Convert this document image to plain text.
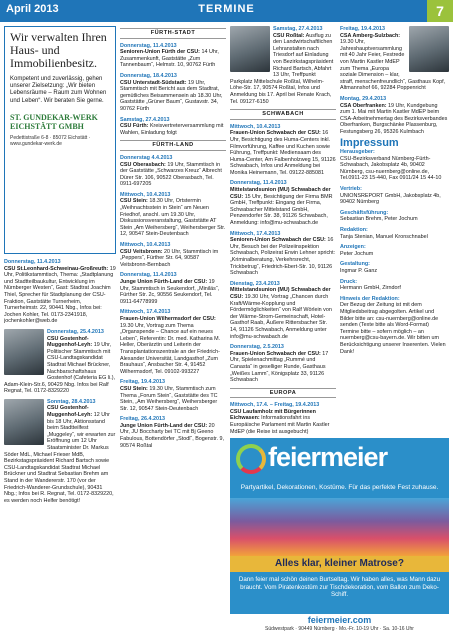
April 2013	TERMINE	7
Wir verwalten Ihren Haus- und Immobilienbesitz.

Kompetent und zuverlässig, gehen unserer Zielsetzung: „Wir bieten Lebensräume – Raum zum Wohnen und Leben“. Wir beraten Sie gerne.

ST. GUNDEKAR-WERK EICHSTÄTT GMBH
Pedettistraße 6-8 · 85072 Eichstätt · www.gundekar-werk.de
Donnerstag, 11.4.2013
CSU St.Leonhard-Schweinau-Großreuth: 19 Uhr, Politikstammtisch, Thema: „Stadtplanung und Stadtteilbaukultur, Entwicklung im Nürnberger Westen“, Gast: Stadtrat Joachim Thiel, Sprecher für Stadtplanung der CSU-Fraktion, Gaststätte Turnerheim, Turnerheimstr. 22, 90441 Nbg., Infos bei: Jochen Kohler, Tel. 0173-2341918, jochenkohler@web.de
Donnerstag, 25.4.2013
CSU Gostenhof-Muggenhof-Leyh: 19 Uhr, Politischer Stammtisch mit CSU-Landtagskandidat Stadtrat Michael Brückner, Nachbarschaftshaus Gostenhof (Cafeteria EG li.), Adam-Klein-Str.6, 90429 Nbg. Infos bei Ralf Regnat, Tel. 0172-8329220
Sonntag, 28.4.2013
CSU Gostenhof-Muggenhof-Leyh: 12 Uhr bis 18 Uhr, Aktionsstand beim Stadtteilfest „Muggeley“, wir erwarten zur Eröffnung um 12 Uhr Staatsminister Dr. Markus Söder MdL, Michael Frieser MdB, Bezirkstagspräsident Richard Bartsch sowie CSU-Landtagskandidat Stadtrat Michael Brückner und Stadtrat Sebastian Brehm am Stand in der Wandererstr. 170 (vor der Friedrich-Wanderer-Grundschule), 90431 Nbg.; Infos bei R. Regnat, Tel. 0172-8329220, es werden noch Helfer benötigt!
FÜRTH-STADT
Donnerstag, 11.4.2013
Senioren-Union Fürth der CSU: 14 Uhr, Zusammenkunft, Gaststätte „Zum Tannenbaum“, Helmstr. 10, 90762 Fürth
Donnerstag, 18.4.2013
CSU Unterstadt-Südstadt: 19 Uhr, Stammtisch mit Bericht aus dem Stadtrat, gemütliches Beisammensein ab 18.30 Uhr, Gaststätte „Grüner Baum“, Gustavstr. 34, 90762 Fürth
Samstag, 27.4.2013
CSU Fürth: Kreisvertreterversammlung mit Wahlen, Einladung folgt
FÜRTH-LAND
Donnerstag 4.4.2013
CSU Oberasbach: 19 Uhr, Stammtisch in der Gaststätte „Schwarzes Kreuz“ Albrecht Dürer Str. 106, 90522 Oberasbach, Tel. 0911-697205
Mittwoch, 10.4.2013
CSU Stein: 18.30 Uhr, Ortstermin „Weihnachtsstein in Stein“ am Neuen Friedhof, anschl. um 19.30 Uhr, Diskussionsveranstaltung, Gaststätte AT Stein „Am Weihersberg“, Weihersberger Str. 12, 90547 Stein-Deutenbach
Mittwoch, 10.4.2013
CSU Veitsbronn: 20 Uhr, Stammtisch im „Peppers“, Fürther Str. 64, 90587 Veitsbronn-Bernbach
Donnerstag, 11.4.2013
Junge Union Fürth-Land der CSU: 19 Uhr, Stammtisch in Seukendorf, „Miniläs“, Fürther Str. 2c, 90556 Seukendorf, Tel. 0911-64778999
Mittwoch, 17.4.2013
Frauen-Union Wilhermsdorf der CSU: 19.30 Uhr, Vortrag zum Thema „Organspende – Chance auf ein neues Leben“, Referentin: Dr. med. Katharina M. Heller, Oberärztin und Leiterin der Transplantationszentrale an der Friedrich-Alexander Universität, Landgasthof „Zum Brauhaus“, Ansbacher Str. 4, 91452 Wilhermsdorf, Tel. 09102-993227
Freitag, 19.4.2013
CSU Stein: 19.30 Uhr, Stammtisch zum Thema „Forum Stein“, Gaststätte des TC Stein, „Am Weihersberg“, Weihersberger Str. 12, 90547 Stein-Deutenbach
Freitag, 26.4.2013
Junge Union Fürth-Land der CSU: 20 Uhr, JU Boccharty bei TC mit Bj Geeno Fabulous, Bottendörfer „Stodl“, Bogenstr. 9, 90574 Roßtal
Samstag, 27.4.2013
CSU Roßtal: Ausflug zu den Landwirtschaftlichen Lehranstalten nach Triesdorf auf Einladung von Bezirkstagspräsident Richard Bartsch, Abfahrt 13 Uhr, Treffpunkt Parkplatz Mittelschule Roßtal, Wilhelm-Löhe-Str. 17, 90574 Roßtal, Infos und Anmeldung bis 17. April bei Renate Krach, Tel. 09127-6150
SCHWABACH
Mittwoch, 10.4.2013
Frauen-Union Schwabach der CSU: 16 Uhr, Besichtigung des Huma-Centers inkl. Filmvorführung, Kaffee und Kuchen sowie Führung, Treffpunkt: Mediensaam des Huma-Center, Am Falbenholzweg 15, 91126 Schwabach, Infos und Anmeldung bei Monika Heinemann, Tel. 09122-885081
Donnerstag, 11.4.2013
Mittelstandsunion (MU) Schwabach der CSU: 15 Uhr, Besichtigung der Firma BMR GmbH, Treffpunkt: Eingang der Firma, Schwabacher Mittelstand GmbH, Penzendorfer Str. 38, 91126 Schwabach, Anmeldung: info@mu-schwabach.de
Mittwoch, 17.4.2013
Senioren-Union Schwabach der CSU: 16 Uhr, Besuch bei der Polizeiinspektion Schwabach, Polizeirat Erwin Lehner spricht: „Kriminalberatung, Verkehrsrecht, Trickbetrug“, Friedrich-Ebert-Str. 10, 91126 Schwabach
Dienstag, 23.4.2013
Mittelstandsunion (MU) Schwabach der CSU: 19.30 Uhr, Vortrag „Chancen durch Kraft/Wärme-Kopplung und Fördermöglichkeiten“ von Ralf Wörlein von der Wärme-Strom-Gemeinschaft, Hotel-Gasthof Raab, Äußere Rittersbacher Str. 14, 91126 Schwabach, Anmeldung unter info@mu-schwabach.de
Donnerstag, 2.5.2013
Frauen-Union Schwabach der CSU: 17 Uhr, Spielenachmittag „Rummé und Canasta“ in geselliger Runde, Gasthaus „Weißes Lamm“, Königsplatz 33, 91126 Schwabach
EUROPA
Mittwoch, 17.4. – Freitag, 19.4.2013
CSU Laufamholz mit Bürgerinnen Eichwasen: Informationsfahrt ins Europäische Parlament mit Martin Kastler MdEP (die Reise ist ausgebucht)
Freitag, 19.4.2013
CSA Amberg-Sulzbach: 19.30 Uhr, Jahreshauptversammlung mit 40 Jahr Feier, Festrede von Martin Kastler MdEP zum Thema „Europa soziale Dimension – klar, straff, menschenfreundlich“, Gasthaus Kopf, Altmannshof 66, 92284 Poppenricht
Montag, 29.4.2013
CSA Oberfranken: 19 Uhr, Kundgebung zum 1. Mai mit Martin Kastler MdEP beim CSA-Arbeitnehmertag des Bezirksverbandes Oberfranken, Burgschänke Plassenburg, Festungsberg 26, 95326 Kulmbach
Impressum
Herausgeber:
CSU-Bezirksverband Nürnberg-Fürth-Schwabach, Jakobsplatz 4b, 90402 Nürnberg, csu-nuernberg@online.de, Tel.0911-23 15-440, Fax 0911/24 15 44-10
Vertrieb:
UNIONSREPORT GmbH, Jakobsplatz 4b, 90402 Nürnberg
Geschäftsführung:
Sebastian Brehm, Peter Jochum
Redaktion:
Tanja Stenian, Manuel Kronschnabel
Anzeigen:
Peter Jochum
Gestaltung:
Ingmar P. Ganz
Druck:
Hermann GmbH, Zirndorf
Hinweis der Redaktion:
Der Bezug der Zeitung ist mit dem Mitgliedsbeitrag abgegolten. Artikel und Bilder bitte an: csu-nuernberg@online.de senden (Texte bitte als Word-Format) Termine bitte – sofern möglich – an nuernberg@csu-bayern.de. Wir bitten um Berücksichtigung unserer Inserenten. Vielen Dank!
feiermeier
Partyartikel, Dekorationen, Kostüme. Für das perfekte Fest zuhause.
Alles klar, kleiner Matrose?
Dann feier mal schön deinen Burtseltag. Wir haben alles, was Mann dazu braucht. Vom Piratenkostüm zur Tischdekoration, vom Ballon zum Deko-Schiff.
feiermeier.com
Südwestpark · 90449 Nürnberg · Mo.-Fr. 10-19 Uhr · Sa. 10-16 Uhr
